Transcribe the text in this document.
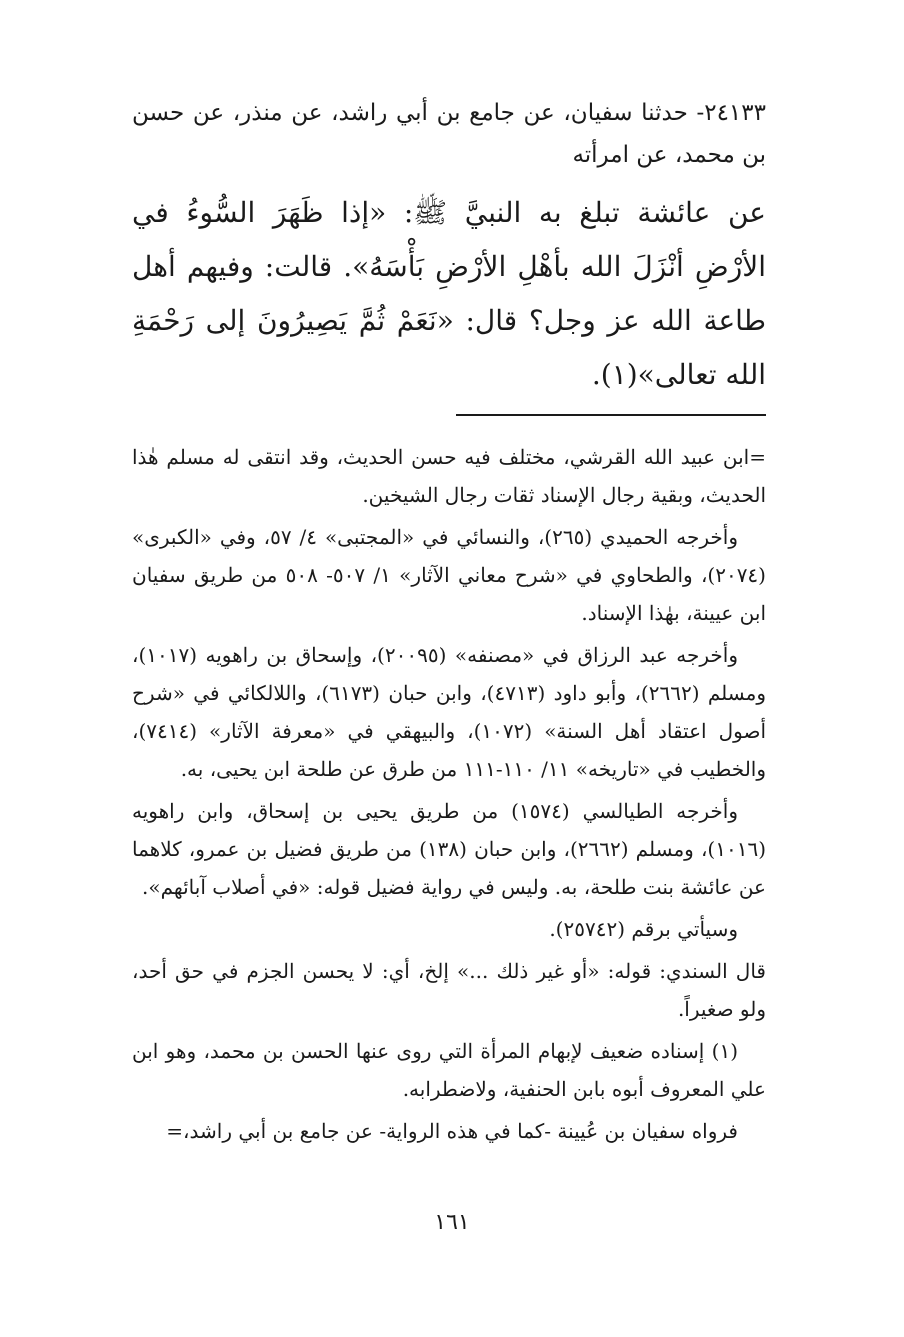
٢٤١٣٣- حدثنا سفيان، عن جامع بن أبي راشد، عن منذر، عن حسن بن محمد، عن امرأته

عن عائشة تبلغ به النبيَّ ﷺ: «إذا ظَهَرَ السُّوءُ في الأرْضِ أنْزَلَ الله بأهْلِ الأرْضِ بَأْسَهُ». قالت: وفيهم أهل طاعة الله عز وجل؟ قال: «نَعَمْ ثُمَّ يَصِيرُونَ إلى رَحْمَةِ الله تعالى»(١).

=ابن عبيد الله القرشي، مختلف فيه حسن الحديث، وقد انتقى له مسلم هٰذا الحديث، وبقية رجال الإسناد ثقات رجال الشيخين.

وأخرجه الحميدي (٢٦٥)، والنسائي في «المجتبى» ٤/ ٥٧، وفي «الكبرى» (٢٠٧٤)، والطحاوي في «شرح معاني الآثار» ١/ ٥٠٧- ٥٠٨ من طريق سفيان ابن عيينة، بهٰذا الإسناد.

وأخرجه عبد الرزاق في «مصنفه» (٢٠٠٩٥)، وإسحاق بن راهويه (١٠١٧)، ومسلم (٢٦٦٢)، وأبو داود (٤٧١٣)، وابن حبان (٦١٧٣)، واللالكائي في «شرح أصول اعتقاد أهل السنة» (١٠٧٢)، والبيهقي في «معرفة الآثار» (٧٤١٤)، والخطيب في «تاريخه» ١١/ ١١٠-١١١ من طرق عن طلحة ابن يحيى، به.

وأخرجه الطيالسي (١٥٧٤) من طريق يحيى بن إسحاق، وابن راهويه (١٠١٦)، ومسلم (٢٦٦٢)، وابن حبان (١٣٨) من طريق فضيل بن عمرو، كلاهما عن عائشة بنت طلحة، به. وليس في رواية فضيل قوله: «في أصلاب آبائهم».

وسيأتي برقم (٢٥٧٤٢).

قال السندي: قوله: «أو غير ذلك ...» إلخ، أي: لا يحسن الجزم في حق أحد، ولو صغيراً.

(١) إسناده ضعيف لإبهام المرأة التي روى عنها الحسن بن محمد، وهو ابن علي المعروف أبوه بابن الحنفية، ولاضطرابه.

فرواه سفيان بن عُيينة -كما في هذه الرواية- عن جامع بن أبي راشد،=

١٦١
